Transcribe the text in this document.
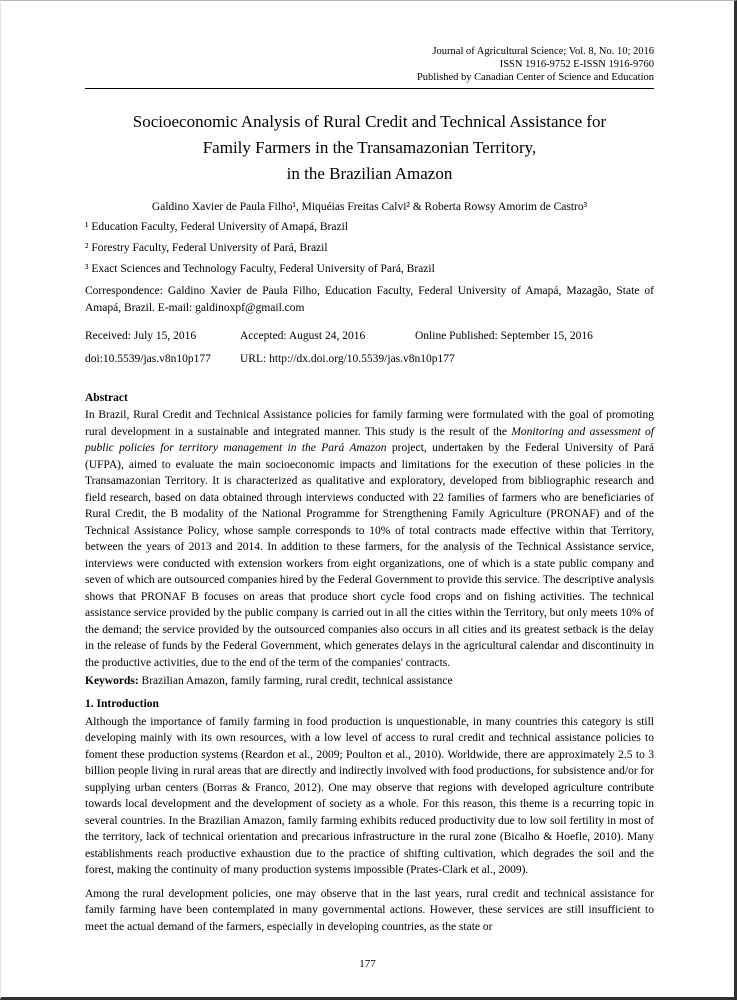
Journal of Agricultural Science; Vol. 8, No. 10; 2016
ISSN 1916-9752 E-ISSN 1916-9760
Published by Canadian Center of Science and Education
Socioeconomic Analysis of Rural Credit and Technical Assistance for
Family Farmers in the Transamazonian Territory,
in the Brazilian Amazon
Galdino Xavier de Paula Filho¹, Miquéias Freitas Calvi² & Roberta Rowsy Amorim de Castro³

¹ Education Faculty, Federal University of Amapá, Brazil

² Forestry Faculty, Federal University of Pará, Brazil

³ Exact Sciences and Technology Faculty, Federal University of Pará, Brazil

Correspondence: Galdino Xavier de Paula Filho, Education Faculty, Federal University of Amapá, Mazagão, State of Amapá, Brazil. E-mail: galdinoxpf@gmail.com

Received: July 15, 2016	Accepted: August 24, 2016	Online Published: September 15, 2016
doi:10.5539/jas.v8n10p177	URL: http://dx.doi.org/10.5539/jas.v8n10p177
Abstract

In Brazil, Rural Credit and Technical Assistance policies for family farming were formulated with the goal of promoting rural development in a sustainable and integrated manner. This study is the result of the Monitoring and assessment of public policies for territory management in the Pará Amazon project, undertaken by the Federal University of Pará (UFPA), aimed to evaluate the main socioeconomic impacts and limitations for the execution of these policies in the Transamazonian Territory. It is characterized as qualitative and exploratory, developed from bibliographic research and field research, based on data obtained through interviews conducted with 22 families of farmers who are beneficiaries of Rural Credit, the B modality of the National Programme for Strengthening Family Agriculture (PRONAF) and of the Technical Assistance Policy, whose sample corresponds to 10% of total contracts made effective within that Territory, between the years of 2013 and 2014. In addition to these farmers, for the analysis of the Technical Assistance service, interviews were conducted with extension workers from eight organizations, one of which is a state public company and seven of which are outsourced companies hired by the Federal Government to provide this service. The descriptive analysis shows that PRONAF B focuses on areas that produce short cycle food crops and on fishing activities. The technical assistance service provided by the public company is carried out in all the cities within the Territory, but only meets 10% of the demand; the service provided by the outsourced companies also occurs in all cities and its greatest setback is the delay in the release of funds by the Federal Government, which generates delays in the agricultural calendar and discontinuity in the productive activities, due to the end of the term of the companies' contracts.

Keywords: Brazilian Amazon, family farming, rural credit, technical assistance

1. Introduction

Although the importance of family farming in food production is unquestionable, in many countries this category is still developing mainly with its own resources, with a low level of access to rural credit and technical assistance policies to foment these production systems (Reardon et al., 2009; Poulton et al., 2010). Worldwide, there are approximately 2.5 to 3 billion people living in rural areas that are directly and indirectly involved with food productions, for subsistence and/or for supplying urban centers (Borras & Franco, 2012). One may observe that regions with developed agriculture contribute towards local development and the development of society as a whole. For this reason, this theme is a recurring topic in several countries. In the Brazilian Amazon, family farming exhibits reduced productivity due to low soil fertility in most of the territory, lack of technical orientation and precarious infrastructure in the rural zone (Bicalho & Hoefle, 2010). Many establishments reach productive exhaustion due to the practice of shifting cultivation, which degrades the soil and the forest, making the continuity of many production systems impossible (Prates-Clark et al., 2009).

Among the rural development policies, one may observe that in the last years, rural credit and technical assistance for family farming have been contemplated in many governmental actions. However, these services are still insufficient to meet the actual demand of the farmers, especially in developing countries, as the state or

177
